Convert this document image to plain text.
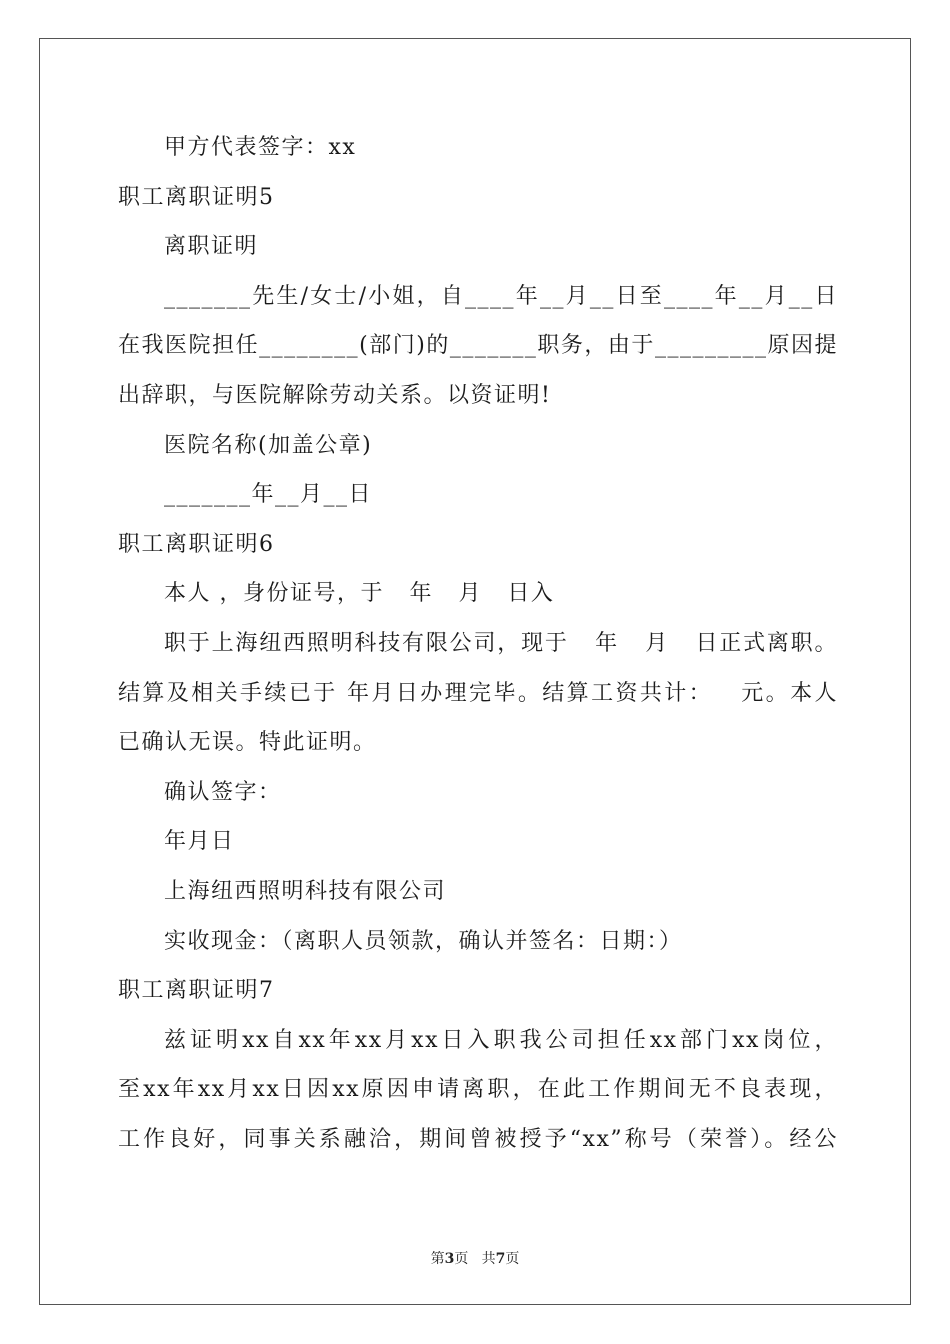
甲方代表签字：xx
职工离职证明5
离职证明
_______先生/女士/小姐，自____年__月__日至____年__月__日
在我医院担任________(部门)的_______职务，由于_________原因提
出辞职，与医院解除劳动关系。以资证明!
医院名称(加盖公章)
_______年__月__日
职工离职证明6
本人 ，身份证号，于   年   月   日入
职于上海纽西照明科技有限公司，现于   年   月   日正式离职。
结算及相关手续已于 年月日办理完毕。结算工资共计：   元。本人
已确认无误。特此证明。
确认签字：
年月日
上海纽西照明科技有限公司
实收现金：（离职人员领款，确认并签名：日期：）
职工离职证明7
兹证明xx自xx年xx月xx日入职我公司担任xx部门xx岗位，
至xx年xx月xx日因xx原因申请离职，在此工作期间无不良表现，
工作良好，同事关系融洽，期间曾被授予“xx”称号（荣誉）。经公
第3页   共7页
